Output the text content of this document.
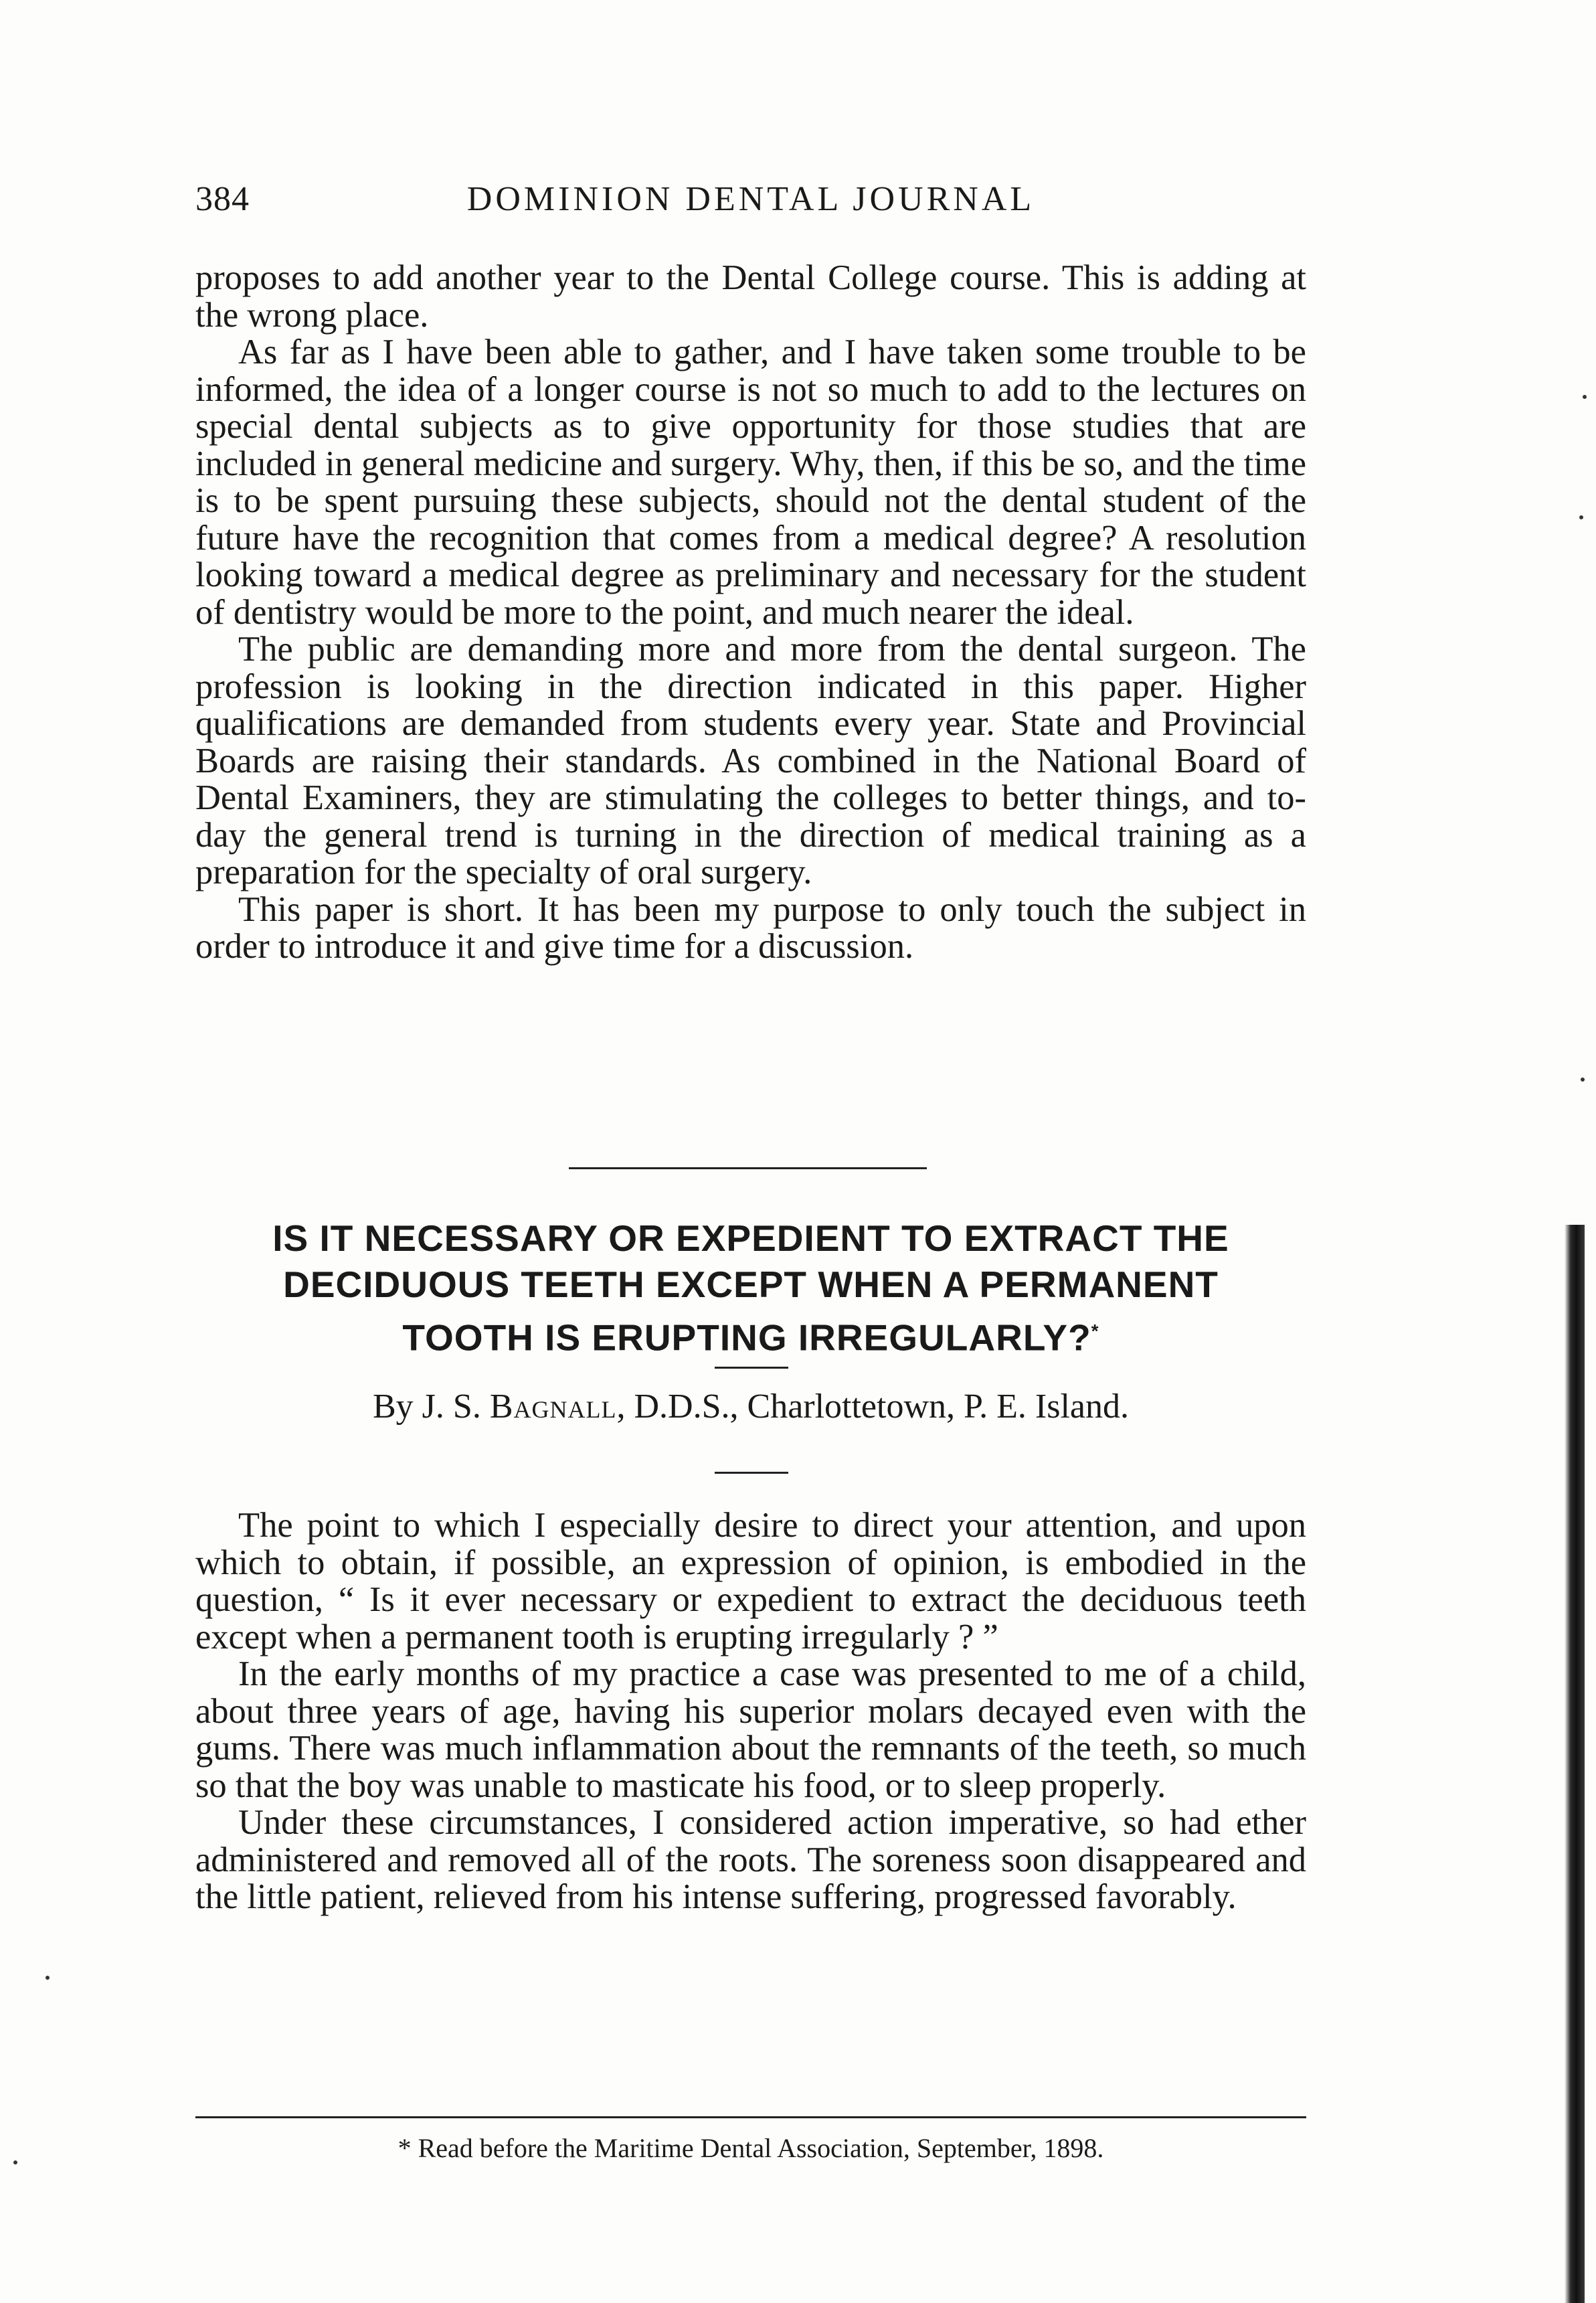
384	DOMINION DENTAL JOURNAL

proposes to add another year to the Dental College course. This is adding at the wrong place.

As far as I have been able to gather, and I have taken some trouble to be informed, the idea of a longer course is not so much to add to the lectures on special dental subjects as to give opportunity for those studies that are included in general medicine and surgery. Why, then, if this be so, and the time is to be spent pursuing these subjects, should not the dental student of the future have the recognition that comes from a medical degree? A resolution looking toward a medical degree as preliminary and necessary for the student of dentistry would be more to the point, and much nearer the ideal.

The public are demanding more and more from the dental surgeon. The profession is looking in the direction indicated in this paper. Higher qualifications are demanded from students every year. State and Provincial Boards are raising their standards. As combined in the National Board of Dental Examiners, they are stimulating the colleges to better things, and to-day the general trend is turning in the direction of medical training as a preparation for the specialty of oral surgery.

This paper is short. It has been my purpose to only touch the subject in order to introduce it and give time for a discussion.

IS IT NECESSARY OR EXPEDIENT TO EXTRACT THE
DECIDUOUS TEETH EXCEPT WHEN A PERMANENT
TOOTH IS ERUPTING IRREGULARLY?*
By J. S. Bagnall, D.D.S., Charlottetown, P. E. Island.

The point to which I especially desire to direct your attention, and upon which to obtain, if possible, an expression of opinion, is embodied in the question, “ Is it ever necessary or expedient to extract the deciduous teeth except when a permanent tooth is erupting irregularly ? ”

In the early months of my practice a case was presented to me of a child, about three years of age, having his superior molars decayed even with the gums. There was much inflammation about the remnants of the teeth, so much so that the boy was unable to masticate his food, or to sleep properly.

Under these circumstances, I considered action imperative, so had ether administered and removed all of the roots. The soreness soon disappeared and the little patient, relieved from his intense suffering, progressed favorably.

* Read before the Maritime Dental Association, September, 1898.
